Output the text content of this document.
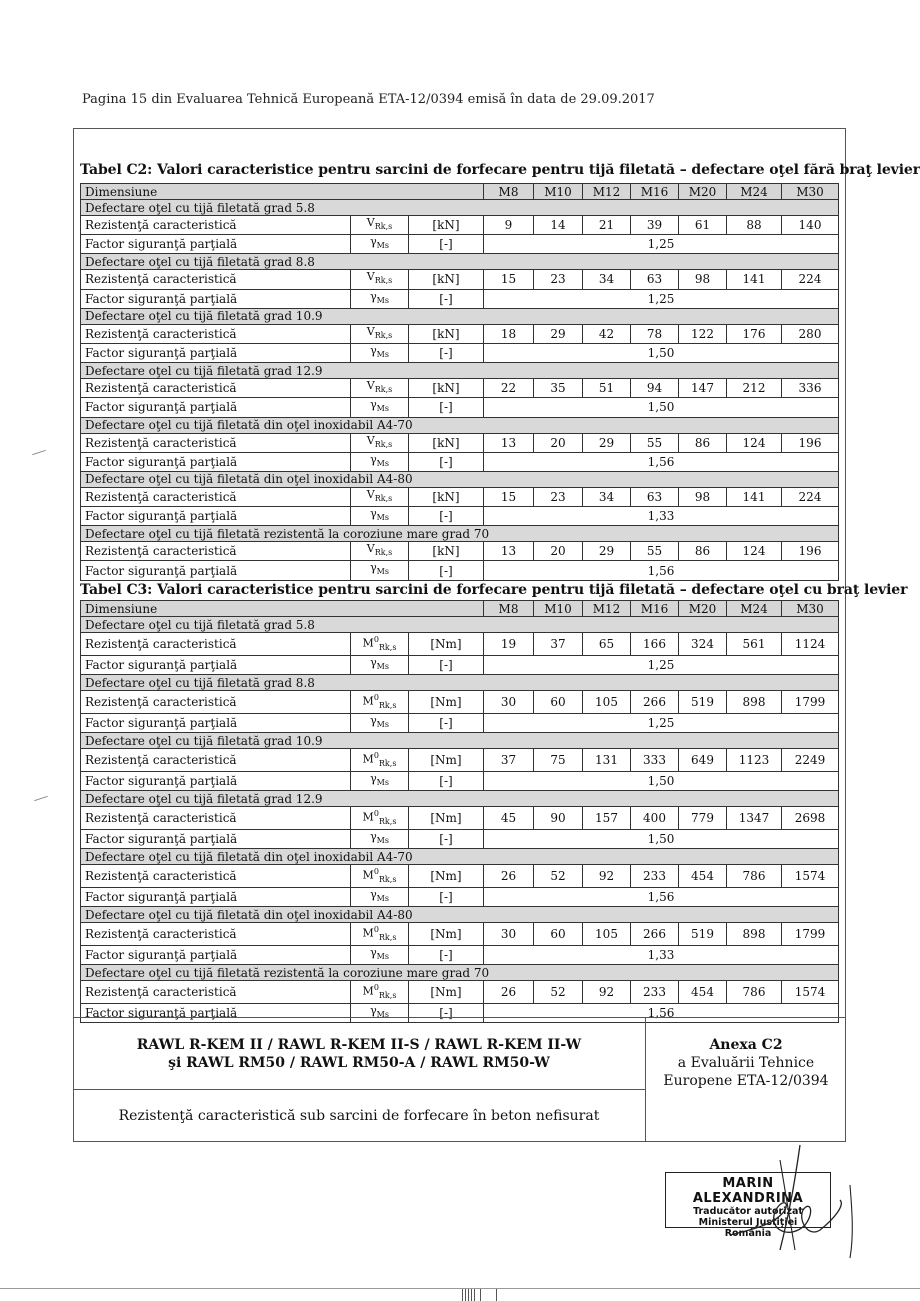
Pagina 15 din Evaluarea Tehnică Europeană ETA-12/0394 emisă în data de 29.09.2017
Tabel C2: Valori caracteristice pentru sarcini de forfecare pentru tijă filetată – defectare oţel fără braţ levier
Dimensiune			M8	M10	M12	M16	M20	M24	M30
Defectare oţel cu tijă filetată grad 5.8									
Rezistenţă caracteristică	$V_{Rk,s}$	[kN]	9	14	21	39	61	88	140
Factor siguranţă parţială	$\gamma_{Ms}$	[-]	1,25						
Defectare oţel cu tijă filetată grad 8.8									
Rezistenţă caracteristică	$V_{Rk,s}$	[kN]	15	23	34	63	98	141	224
Factor siguranţă parţială	$\gamma_{Ms}$	[-]	1,25						
Defectare oţel cu tijă filetată grad 10.9									
Rezistenţă caracteristică	$V_{Rk,s}$	[kN]	18	29	42	78	122	176	280
Factor siguranţă parţială	$\gamma_{Ms}$	[-]	1,50						
Defectare oţel cu tijă filetată grad 12.9									
Rezistenţă caracteristică	$V_{Rk,s}$	[kN]	22	35	51	94	147	212	336
Factor siguranţă parţială	$\gamma_{Ms}$	[-]	1,50						
Defectare oţel cu tijă filetată din oţel inoxidabil A4-70									
Rezistenţă caracteristică	$V_{Rk,s}$	[kN]	13	20	29	55	86	124	196
Factor siguranţă parţială	$\gamma_{Ms}$	[-]	1,56						
Defectare oţel cu tijă filetată din oţel inoxidabil A4-80									
Rezistenţă caracteristică	$V_{Rk,s}$	[kN]	15	23	34	63	98	141	224
Factor siguranţă parţială	$\gamma_{Ms}$	[-]	1,33						
Defectare oţel cu tijă filetată rezistentă la coroziune mare grad 70									
Rezistenţă caracteristică	$V_{Rk,s}$	[kN]	13	20	29	55	86	124	196
Factor siguranţă parţială	$\gamma_{Ms}$	[-]	1,56						
Tabel C3: Valori caracteristice pentru sarcini de forfecare pentru tijă filetată – defectare oţel cu braţ levier
Dimensiune			M8	M10	M12	M16	M20	M24	M30
Defectare oţel cu tijă filetată grad 5.8									
Rezistenţă caracteristică	$M^0_{Rk,s}$	[Nm]	19	37	65	166	324	561	1124
Factor siguranţă parţială	$\gamma_{Ms}$	[-]	1,25						
Defectare oţel cu tijă filetată grad 8.8									
Rezistenţă caracteristică	$M^0_{Rk,s}$	[Nm]	30	60	105	266	519	898	1799
Factor siguranţă parţială	$\gamma_{Ms}$	[-]	1,25						
Defectare oţel cu tijă filetată grad 10.9									
Rezistenţă caracteristică	$M^0_{Rk,s}$	[Nm]	37	75	131	333	649	1123	2249
Factor siguranţă parţială	$\gamma_{Ms}$	[-]	1,50						
Defectare oţel cu tijă filetată grad 12.9									
Rezistenţă caracteristică	$M^0_{Rk,s}$	[Nm]	45	90	157	400	779	1347	2698
Factor siguranţă parţială	$\gamma_{Ms}$	[-]	1,50						
Defectare oţel cu tijă filetată din oţel inoxidabil A4-70									
Rezistenţă caracteristică	$M^0_{Rk,s}$	[Nm]	26	52	92	233	454	786	1574
Factor siguranţă parţială	$\gamma_{Ms}$	[-]	1,56						
Defectare oţel cu tijă filetată din oţel inoxidabil A4-80									
Rezistenţă caracteristică	$M^0_{Rk,s}$	[Nm]	30	60	105	266	519	898	1799
Factor siguranţă parţială	$\gamma_{Ms}$	[-]	1,33						
Defectare oţel cu tijă filetată rezistentă la coroziune mare grad 70									
Rezistenţă caracteristică	$M^0_{Rk,s}$	[Nm]	26	52	92	233	454	786	1574
Factor siguranţă parţială	$\gamma_{Ms}$	[-]	1,56						
RAWL R-KEM II / RAWL R-KEM II-S / RAWL R-KEM II-W
şi RAWL RM50 / RAWL RM50-A / RAWL RM50-W
Anexa C2
a Evaluării Tehnice
Europene ETA-12/0394
Rezistenţă caracteristică sub sarcini de forfecare în beton nefisurat
MARIN ALEXANDRINA
Traducător autorizat
Ministerul Justiţiei
România
